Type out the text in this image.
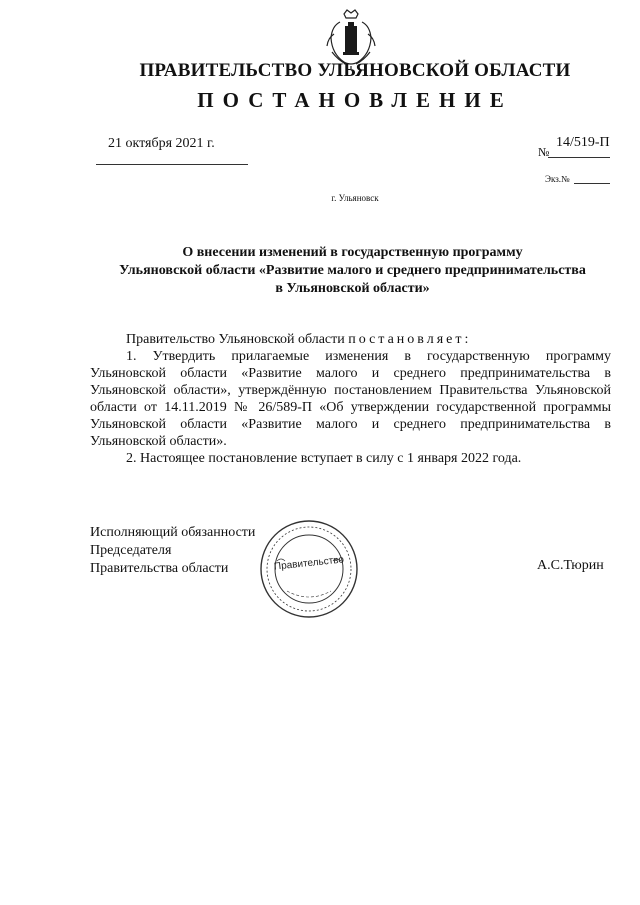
ПРАВИТЕЛЬСТВО УЛЬЯНОВСКОЙ ОБЛАСТИ
ПОСТАНОВЛЕНИЕ
21 октября 2021 г.
№
14/519-П
Экз.№
г. Ульяновск
О внесении изменений в государственную программу
Ульяновской области «Развитие малого и среднего предпринимательства
в Ульяновской области»

Правительство Ульяновской области постановляет:

1. Утвердить прилагаемые изменения в государственную программу Ульяновской области «Развитие малого и среднего предпринимательства в Ульяновской области», утверждённую постановлением Правительства Ульяновской области от 14.11.2019 № 26/589-П «Об утверждении государственной программы Ульяновской области «Развитие малого и среднего предпринимательства в Ульяновской области».

2. Настоящее постановление вступает в силу с 1 января 2022 года.

Исполняющий обязанности
Председателя
Правительства области	А.С.Тюрин
Правительство
